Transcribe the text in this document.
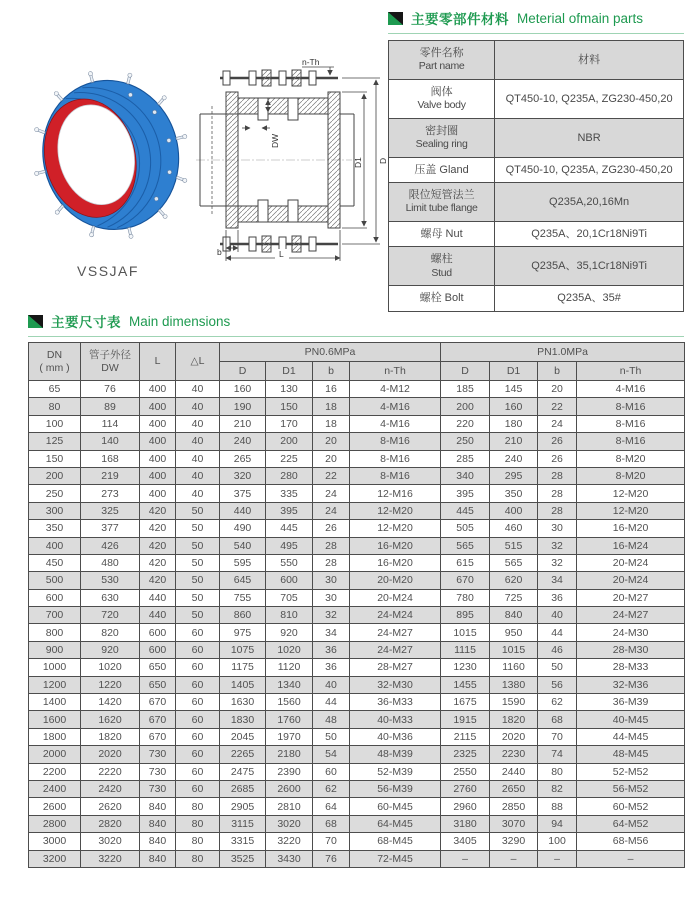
VSSJAF
n-Th
DW
D1 D
b	L
主要零部件材料 Meterial ofmain parts
零件名称
Part name	材料

阀体
Valve body	QT450-10, Q235A, ZG230-450,20

密封圈
Sealing ring	NBR

压盖 Gland	QT450-10, Q235A, ZG230-450,20

限位短管法兰
Limit tube flange	Q235A,20,16Mn

螺母 Nut	Q235A、20,1Cr18Ni9Ti

螺柱
Stud	Q235A、35,1Cr18Ni9Ti

螺栓 Bolt	Q235A、35#
主要尺寸表 Main dimensions
DN
( mm )

管子外径
DW
	L	△L	PN0.6MPa	PN1.0MPa
				D	D1	b	n-Th	D	D1	b	n-Th
65	76	400	40	160	130	16	4-M12	185	145	20	4-M16
80	89	400	40	190	150	18	4-M16	200	160	22	8-M16
100	114	400	40	210	170	18	4-M16	220	180	24	8-M16
125	140	400	40	240	200	20	8-M16	250	210	26	8-M16
150	168	400	40	265	225	20	8-M16	285	240	26	8-M20
200	219	400	40	320	280	22	8-M16	340	295	28	8-M20
250	273	400	40	375	335	24	12-M16	395	350	28	12-M20
300	325	420	50	440	395	24	12-M20	445	400	28	12-M20
350	377	420	50	490	445	26	12-M20	505	460	30	16-M20
400	426	420	50	540	495	28	16-M20	565	515	32	16-M24
450	480	420	50	595	550	28	16-M20	615	565	32	20-M24
500	530	420	50	645	600	30	20-M20	670	620	34	20-M24
600	630	440	50	755	705	30	20-M24	780	725	36	20-M27
700	720	440	50	860	810	32	24-M24	895	840	40	24-M27
800	820	600	60	975	920	34	24-M27	1015	950	44	24-M30
900	920	600	60	1075	1020	36	24-M27	1115	1015	46	28-M30
1000	1020	650	60	1175	1120	36	28-M27	1230	1160	50	28-M33
1200	1220	650	60	1405	1340	40	32-M30	1455	1380	56	32-M36
1400	1420	670	60	1630	1560	44	36-M33	1675	1590	62	36-M39
1600	1620	670	60	1830	1760	48	40-M33	1915	1820	68	40-M45
1800	1820	670	60	2045	1970	50	40-M36	2115	2020	70	44-M45
2000	2020	730	60	2265	2180	54	48-M39	2325	2230	74	48-M45
2200	2220	730	60	2475	2390	60	52-M39	2550	2440	80	52-M52
2400	2420	730	60	2685	2600	62	56-M39	2760	2650	82	56-M52
2600	2620	840	80	2905	2810	64	60-M45	2960	2850	88	60-M52
2800	2820	840	80	3115	3020	68	64-M45	3180	3070	94	64-M52
3000	3020	840	80	3315	3220	70	68-M45	3405	3290	100	68-M56
3200	3220	840	80	3525	3430	76	72-M45	–	–	–	–
